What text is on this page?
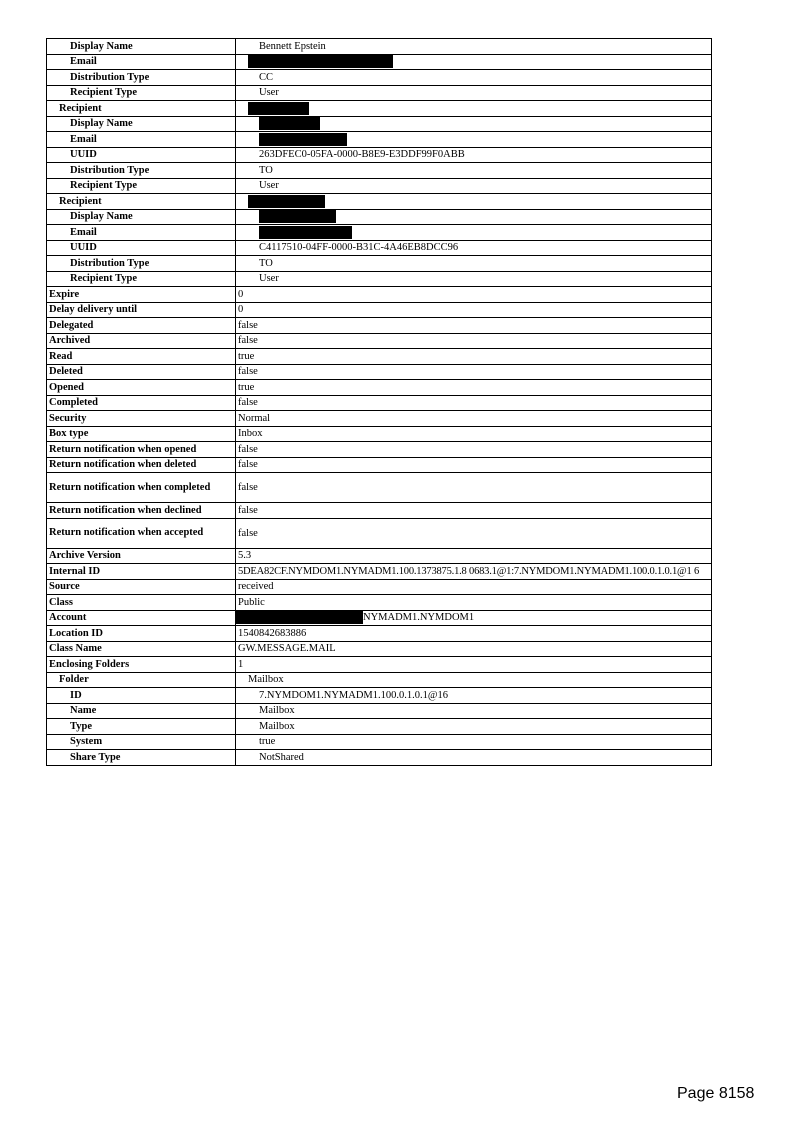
Display Name	Bennett Epstein
Email	
Distribution Type	CC
Recipient Type	User
Recipient	
Display Name	
Email	
UUID	263DFEC0-05FA-0000-B8E9-E3DDF99F0ABB
Distribution Type	TO
Recipient Type	User
Recipient	
Display Name	
Email	
UUID	C4117510-04FF-0000-B31C-4A46EB8DCC96
Distribution Type	TO
Recipient Type	User
Expire	0
Delay delivery until	0
Delegated	false
Archived	false
Read	true
Deleted	false
Opened	true
Completed	false
Security	Normal
Box type	Inbox
Return notification when opened	false
Return notification when deleted	false
Return notification when completed	false
Return notification when declined	false
Return notification when accepted	false
Archive Version	5.3
Internal ID	5DEA82CF.NYMDOM1.NYMADM1.100.1373875.1.8 0683.1@1:7.NYMDOM1.NYMADM1.100.0.1.0.1@1 6
Source	received
Class	Public
Account	NYMADM1.NYMDOM1
Location ID	1540842683886
Class Name	GW.MESSAGE.MAIL
Enclosing Folders	1
Folder	Mailbox
ID	7.NYMDOM1.NYMADM1.100.0.1.0.1@16
Name	Mailbox
Type	Mailbox
System	true
Share Type	NotShared
Page 8158
